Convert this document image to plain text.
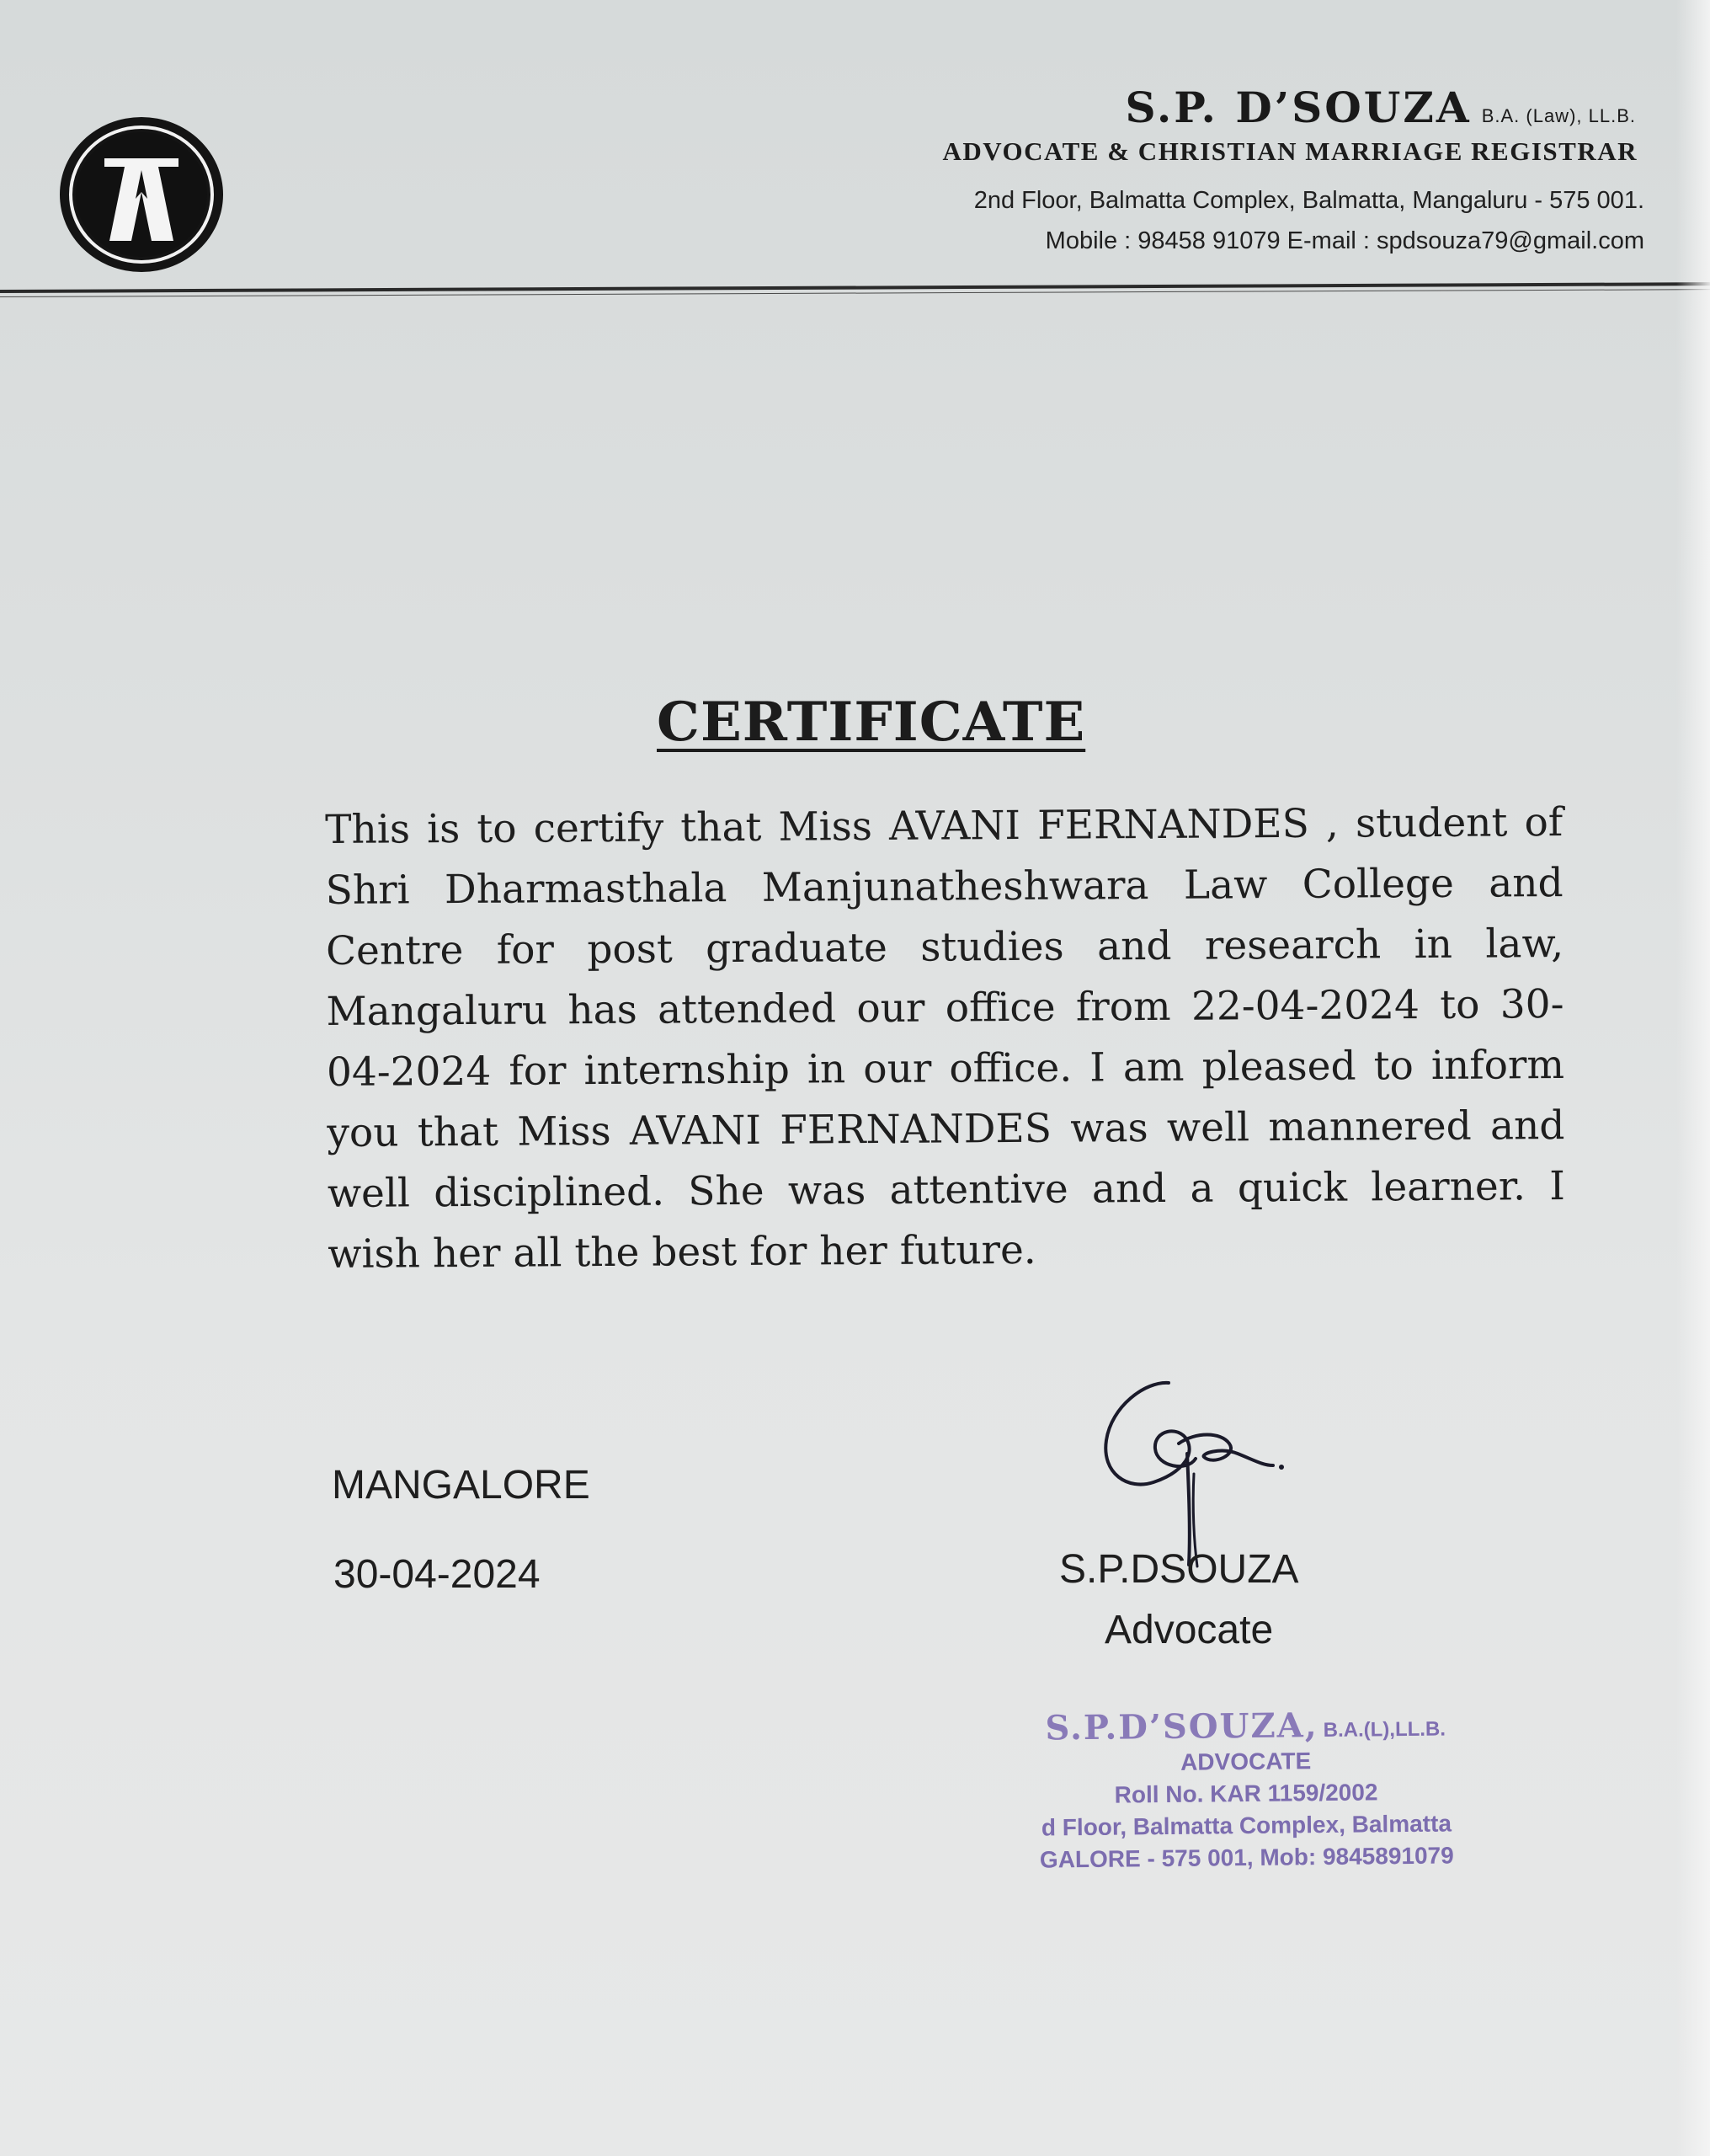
S.P. D’SOUZA B.A. (Law), LL.B.
ADVOCATE & CHRISTIAN MARRIAGE REGISTRAR
2nd Floor, Balmatta Complex, Balmatta, Mangaluru - 575 001.
Mobile : 98458 91079 E-mail : spdsouza79@gmail.com
CERTIFICATE
This is to certify that Miss AVANI FERNANDES , student of Shri Dharmasthala Manjunatheshwara Law College and Centre for post graduate studies and research in law, Mangaluru has attended our office from 22-04-2024 to 30-04-2024 for internship in our office. I am pleased to inform you that Miss AVANI FERNANDES was well mannered and well disciplined. She was attentive and a quick learner. I wish her all the best for her future.
MANGALORE
30-04-2024	S.P.DSOUZA
Advocate
S.P.D’SOUZA, B.A.(L),LL.B.
ADVOCATE
Roll No. KAR 1159/2002
d Floor, Balmatta Complex, Balmatta
GALORE - 575 001, Mob: 9845891079
